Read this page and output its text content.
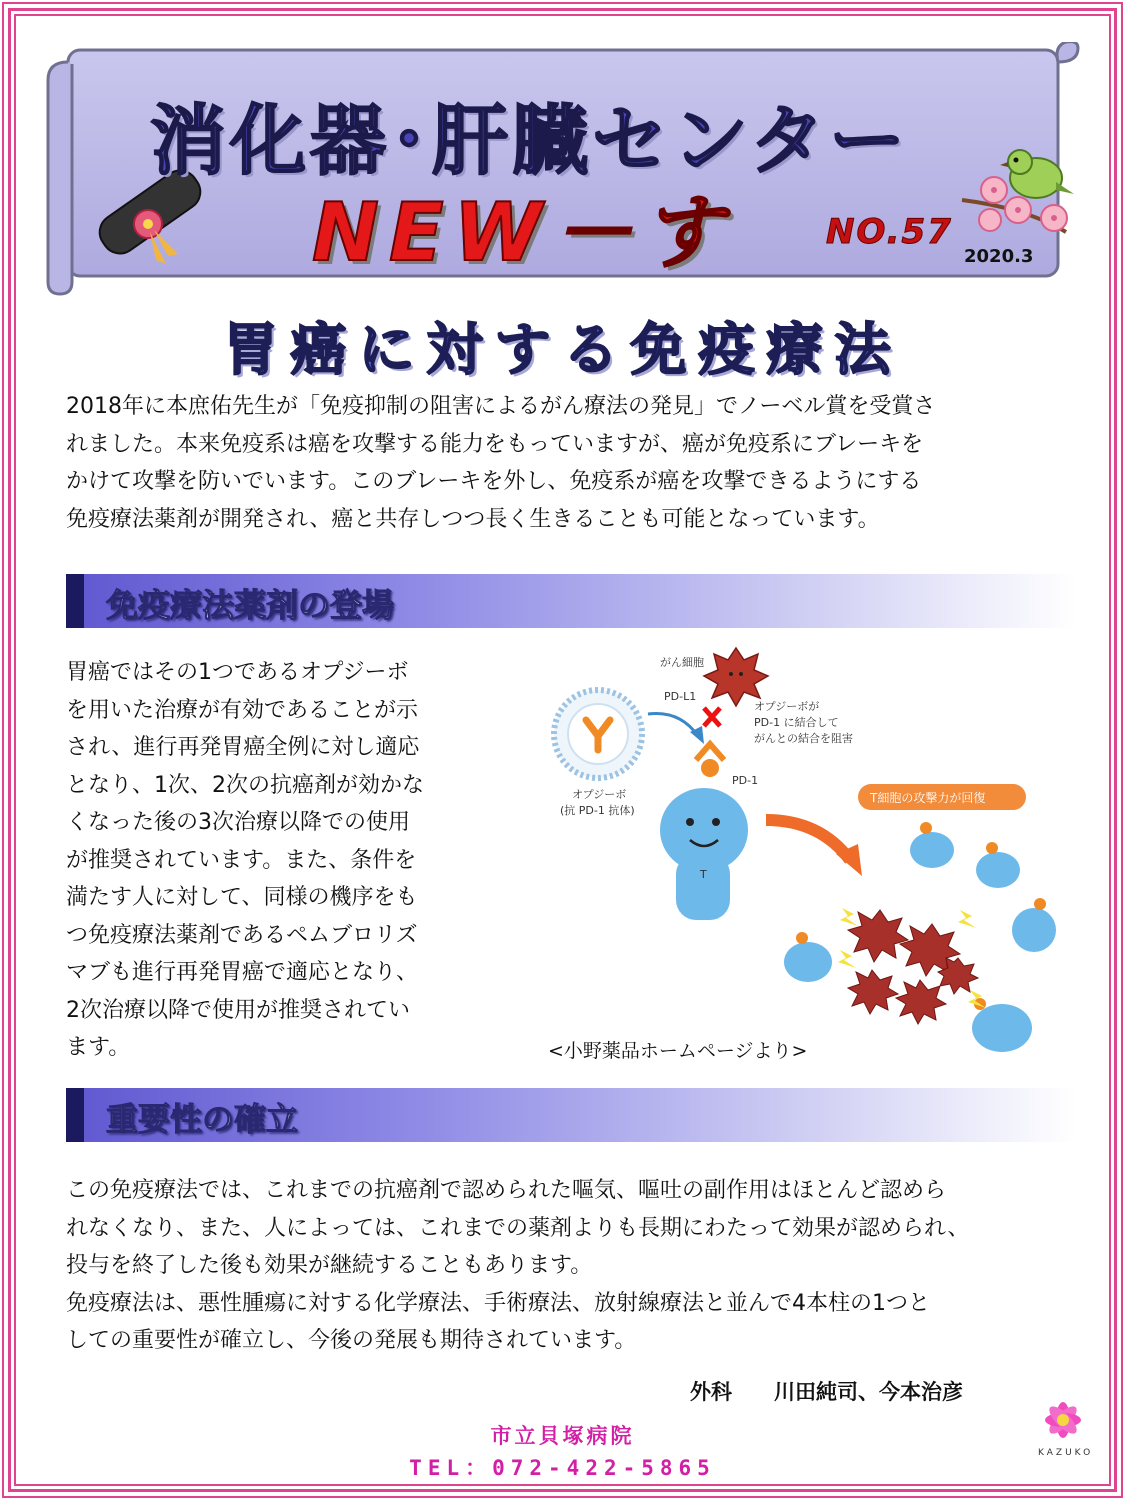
消化器･肝臓センター
NEW－す	NO.57
2020.3
胃癌に対する免疫療法

2018年に本庶佑先生が「免疫抑制の阻害によるがん療法の発見」でノーベル賞を受賞さ
れました。本来免疫系は癌を攻撃する能力をもっていますが、癌が免疫系にブレーキを
かけて攻撃を防いでいます。このブレーキを外し、免疫系が癌を攻撃できるようにする
免疫療法薬剤が開発され、癌と共存しつつ長く生きることも可能となっています。

免疫療法薬剤の登場

胃癌ではその1つであるオプジーボ
を用いた治療が有効であることが示
され、進行再発胃癌全例に対し適応
となり、1次、2次の抗癌剤が効かな
くなった後の3次治療以降での使用
が推奨されています。また、条件を
満たす人に対して、同様の機序をも
つ免疫療法薬剤であるペムブロリズ
マブも進行再発胃癌で適応となり、
2次治療以降で使用が推奨されてい
ます。

がん細胞
PD-L1
オプジーボが
PD-1 に結合して
がんとの結合を阻害
オプジーボ
(抗 PD-1 抗体)
PD-1
T
T細胞の攻撃力が回復
<小野薬品ホームページより>
重要性の確立

この免疫療法では、これまでの抗癌剤で認められた嘔気、嘔吐の副作用はほとんど認めら
れなくなり、また、人によっては、これまでの薬剤よりも長期にわたって効果が認められ、
投与を終了した後も効果が継続することもあります。
免疫療法は、悪性腫瘍に対する化学療法、手術療法、放射線療法と並んで4本柱の1つと
しての重要性が確立し、今後の発展も期待されています。

外科　　川田純司、今本治彦
市立貝塚病院
TEL：072-422-5865
KAZUKO
